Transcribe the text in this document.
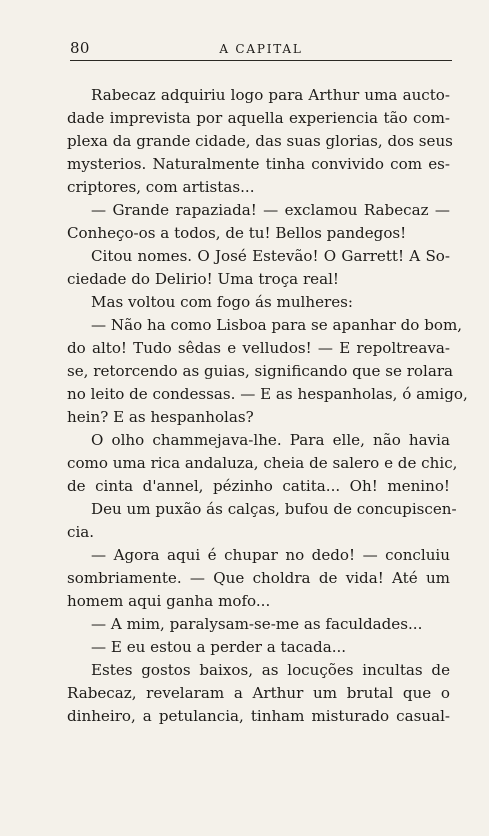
80	A CAPITAL
Rabecaz adquiriu logo para Arthur uma aucto-
dade imprevista por aquella experiencia tão com-
plexa da grande cidade, das suas glorias, dos seus
mysterios. Naturalmente tinha convivido com es-
criptores, com artistas...
— Grande rapaziada! — exclamou Rabecaz —
Conheço-os a todos, de tu! Bellos pandegos!
Citou nomes. O José Estevão! O Garrett! A So-
ciedade do Delirio! Uma troça real!
Mas voltou com fogo ás mulheres:
— Não ha como Lisboa para se apanhar do bom,
do alto! Tudo sêdas e velludos! — E repoltreava-
se, retorcendo as guias, significando que se rolara
no leito de condessas. — E as hespanholas, ó amigo,
hein? E as hespanholas?
O olho chammejava-lhe. Para elle, não havia
como uma rica andaluza, cheia de salero e de chic,
de cinta d'annel, pézinho catita... Oh! menino!
Deu um puxão ás calças, bufou de concupiscen-
cia.
— Agora aqui é chupar no dedo! — concluiu
sombriamente. — Que choldra de vida! Até um
homem aqui ganha mofo...
— A mim, paralysam-se-me as faculdades...
— E eu estou a perder a tacada...
Estes gostos baixos, as locuções incultas de
Rabecaz, revelaram a Arthur um brutal que o
dinheiro, a petulancia, tinham misturado casual-
